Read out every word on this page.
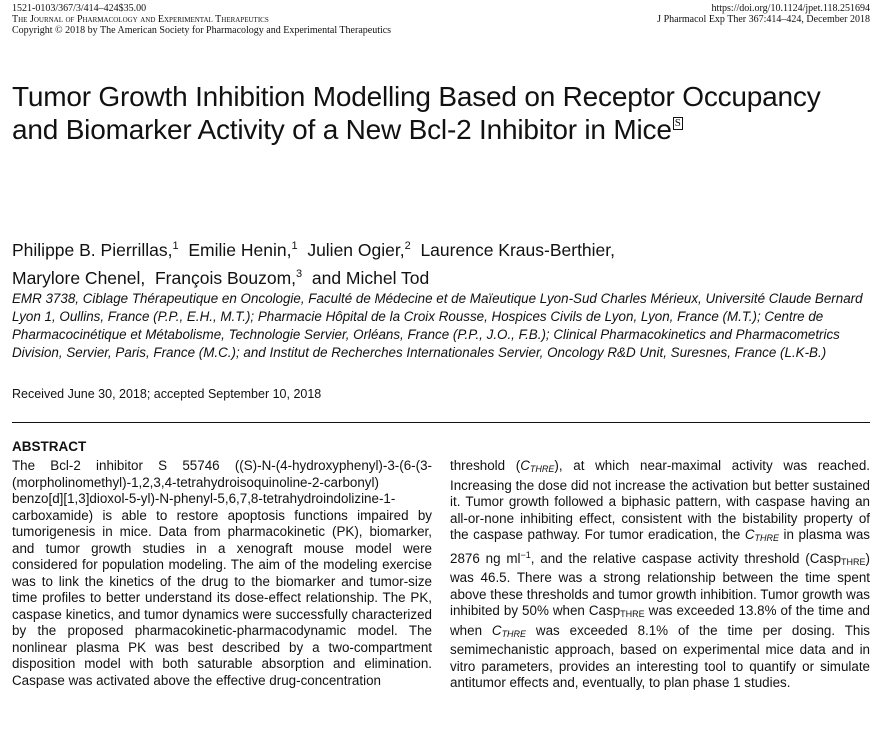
1521-0103/367/3/414–424$35.00
The Journal of Pharmacology and Experimental Therapeutics
Copyright © 2018 by The American Society for Pharmacology and Experimental Therapeutics
https://doi.org/10.1124/jpet.118.251694
J Pharmacol Exp Ther 367:414–424, December 2018
Tumor Growth Inhibition Modelling Based on Receptor Occupancy and Biomarker Activity of a New Bcl-2 Inhibitor in Mice S
Philippe B. Pierrillas,$^1$ Emilie Henin,$^1$ Julien Ogier,$^2$ Laurence Kraus-Berthier,
Marylore Chenel, François Bouzom,$^3$ and Michel Tod
EMR 3738, Ciblage Thérapeutique en Oncologie, Faculté de Médecine et de Maïeutique Lyon-Sud Charles Mérieux, Université Claude Bernard Lyon 1, Oullins, France (P.P., E.H., M.T.); Pharmacie Hôpital de la Croix Rousse, Hospices Civils de Lyon, Lyon, France (M.T.); Centre de Pharmacocinétique et Métabolisme, Technologie Servier, Orléans, France (P.P., J.O., F.B.); Clinical Pharmacokinetics and Pharmacometrics Division, Servier, Paris, France (M.C.); and Institut de Recherches Internationales Servier, Oncology R&D Unit, Suresnes, France (L.K-B.)
Received June 30, 2018; accepted September 10, 2018
ABSTRACT
The Bcl-2 inhibitor S 55746 ((S)-N-(4-hydroxyphenyl)-3-(6-(3-(morpholinomethyl)-1,2,3,4-tetrahydroisoquinoline-2-carbonyl) benzo[d][1,3]dioxol-5-yl)-N-phenyl-5,6,7,8-tetrahydroindolizine-1-carboxamide) is able to restore apoptosis functions impaired by tumorigenesis in mice. Data from pharmacokinetic (PK), biomarker, and tumor growth studies in a xenograft mouse model were considered for population modeling. The aim of the modeling exercise was to link the kinetics of the drug to the biomarker and tumor-size time profiles to better understand its dose-effect relationship. The PK, caspase kinetics, and tumor dynamics were successfully characterized by the proposed pharmacokinetic-pharmacodynamic model. The nonlinear plasma PK was best described by a two-compartment disposition model with both saturable absorption and elimination. Caspase was activated above the effective drug-concentration
threshold $(C_{THRE})$, at which near-maximal activity was reached. Increasing the dose did not increase the activation but better sustained it. Tumor growth followed a biphasic pattern, with caspase having an all-or-none inhibiting effect, consistent with the bistability property of the caspase pathway. For tumor eradication, the $C_{THRE}$ in plasma was 2876 ng $ml^{-1}$, and the relative caspase activity threshold (Casp$_{THRE}$) was 46.5. There was a strong relationship between the time spent above these thresholds and tumor growth inhibition. Tumor growth was inhibited by 50% when Casp$_{THRE}$ was exceeded 13.8% of the time and when $C_{THRE}$ was exceeded 8.1% of the time per dosing. This semimechanistic approach, based on experimental mice data and in vitro parameters, provides an interesting tool to quantify or simulate antitumor effects and, eventually, to plan phase 1 studies.
